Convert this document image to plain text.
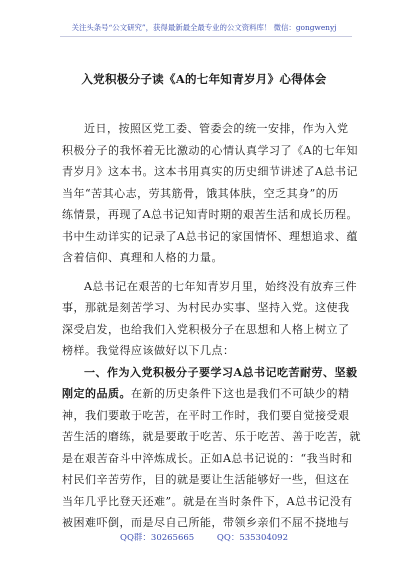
关注头条号“公文研究”，获得最新最全最专业的公文资料库！ 微信：gongwenyj
入党积极分子读《A的七年知青岁月》心得体会
近日，按照区党工委、管委会的统一安排，作为入党
积极分子的我怀着无比激动的心情认真学习了《A的七年知
青岁月》这本书。这本书用真实的历史细节讲述了A总书记
当年“苦其心志，劳其筋骨，饿其体肤，空乏其身”的历
练情景，再现了A总书记知青时期的艰苦生活和成长历程。
书中生动详实的记录了A总书记的家国情怀、理想追求、蕴
含着信仰、真理和人格的力量。
A总书记在艰苦的七年知青岁月里，始终没有放弃三件
事，那就是刻苦学习、为村民办实事、坚持入党。这使我
深受启发，也给我们入党积极分子在思想和人格上树立了
榜样。我觉得应该做好以下几点：
一、作为入党积极分子要学习A总书记吃苦耐劳、坚毅
刚定的品质。在新的历史条件下这也是我们不可缺少的精
神，我们要敢于吃苦，在平时工作时，我们要自觉接受艰
苦生活的磨练，就是要敢于吃苦、乐于吃苦、善于吃苦，就
是在艰苦奋斗中淬炼成长。正如A总书记说的：“我当时和
村民们辛苦劳作，目的就是要让生活能够好一些，但这在
当年几乎比登天还难”。就是在当时条件下，A总书记没有
被困难吓倒，而是尽自己所能，带领乡亲们不屈不挠地与
QQ群：30265665	QQ：535304092
